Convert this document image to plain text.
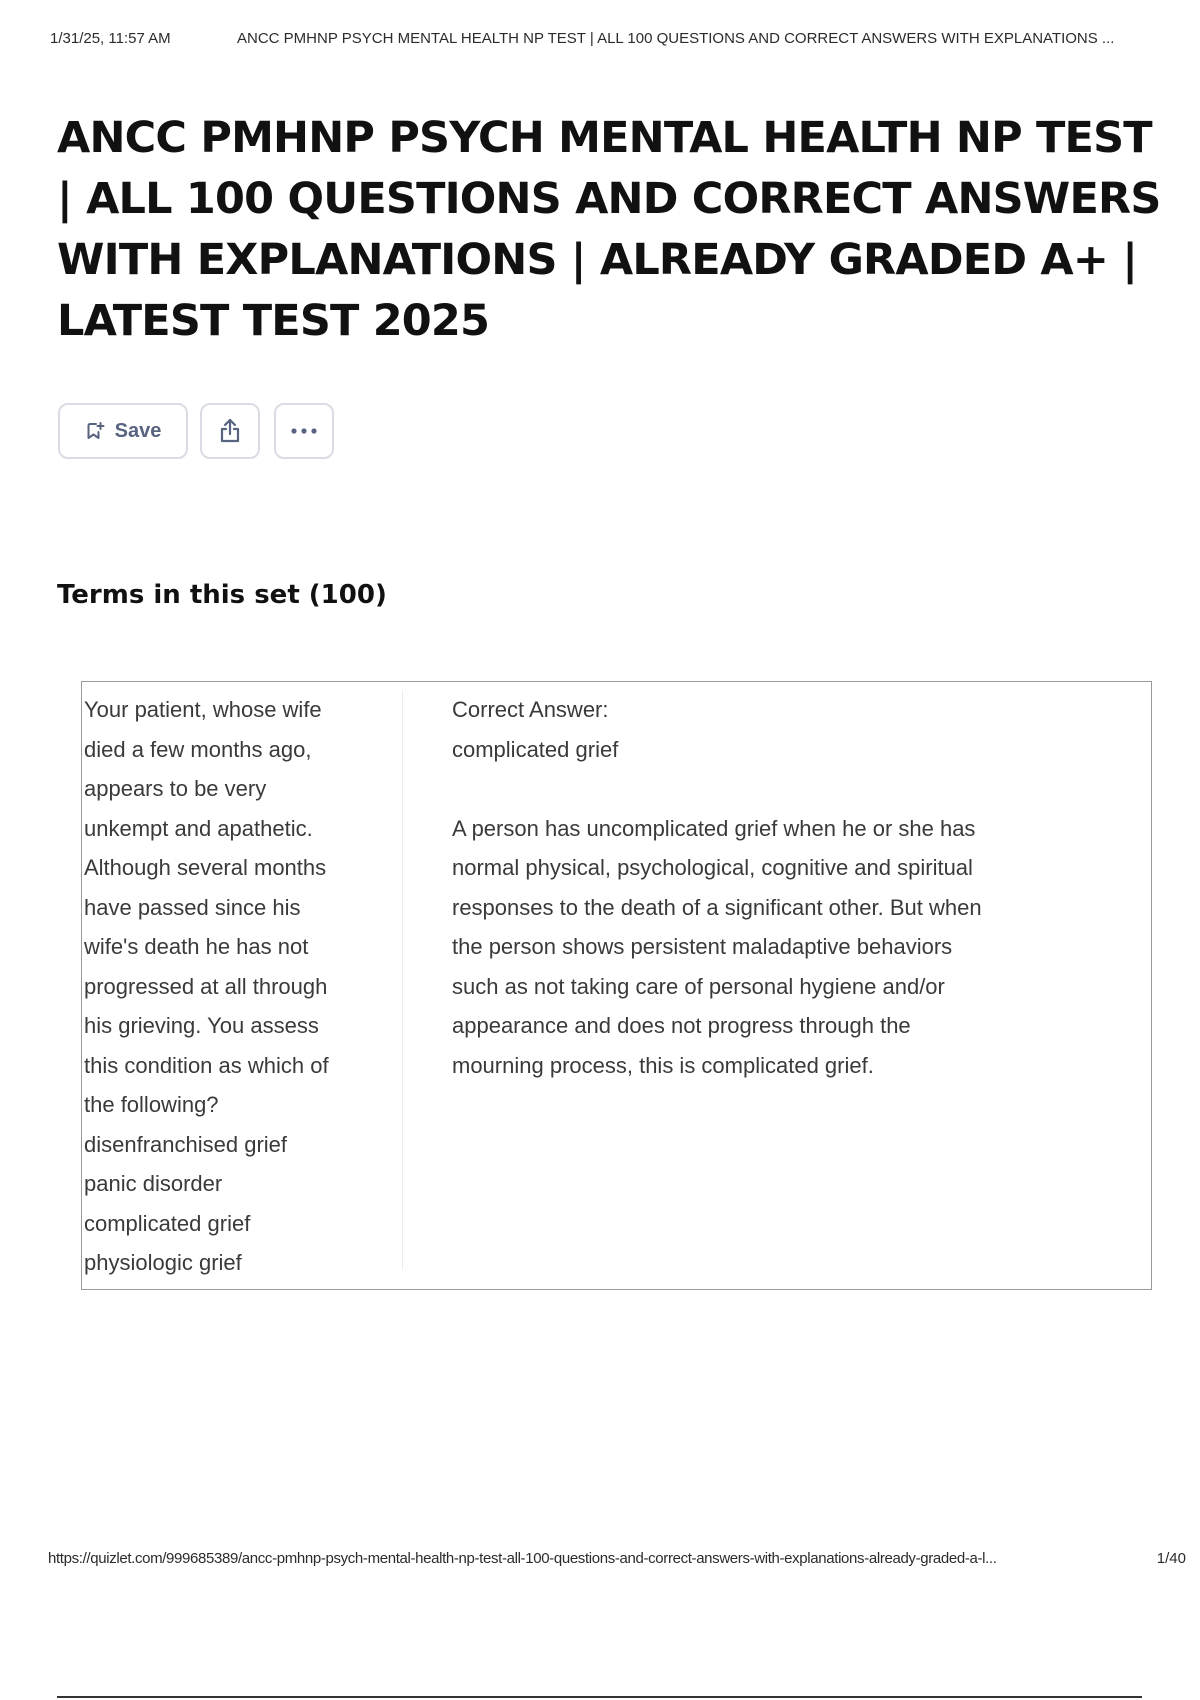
1/31/25, 11:57 AM	ANCC PMHNP PSYCH MENTAL HEALTH NP TEST | ALL 100 QUESTIONS AND CORRECT ANSWERS WITH EXPLANATIONS ...
ANCC PMHNP PSYCH MENTAL HEALTH NP TEST
| ALL 100 QUESTIONS AND CORRECT ANSWERS
WITH EXPLANATIONS | ALREADY GRADED A+ |
LATEST TEST 2025
Save
Terms in this set (100)
Your patient, whose wife
died a few months ago,
appears to be very
unkempt and apathetic.
Although several months
have passed since his
wife's death he has not
progressed at all through
his grieving. You assess
this condition as which of
the following?
disenfranchised grief
panic disorder
complicated grief
physiologic grief
Correct Answer:
complicated grief
A person has uncomplicated grief when he or she has
normal physical, psychological, cognitive and spiritual
responses to the death of a significant other. But when
the person shows persistent maladaptive behaviors
such as not taking care of personal hygiene and/or
appearance and does not progress through the
mourning process, this is complicated grief.
https://quizlet.com/999685389/ancc-pmhnp-psych-mental-health-np-test-all-100-questions-and-correct-answers-with-explanations-already-graded-a-l...	1/40
